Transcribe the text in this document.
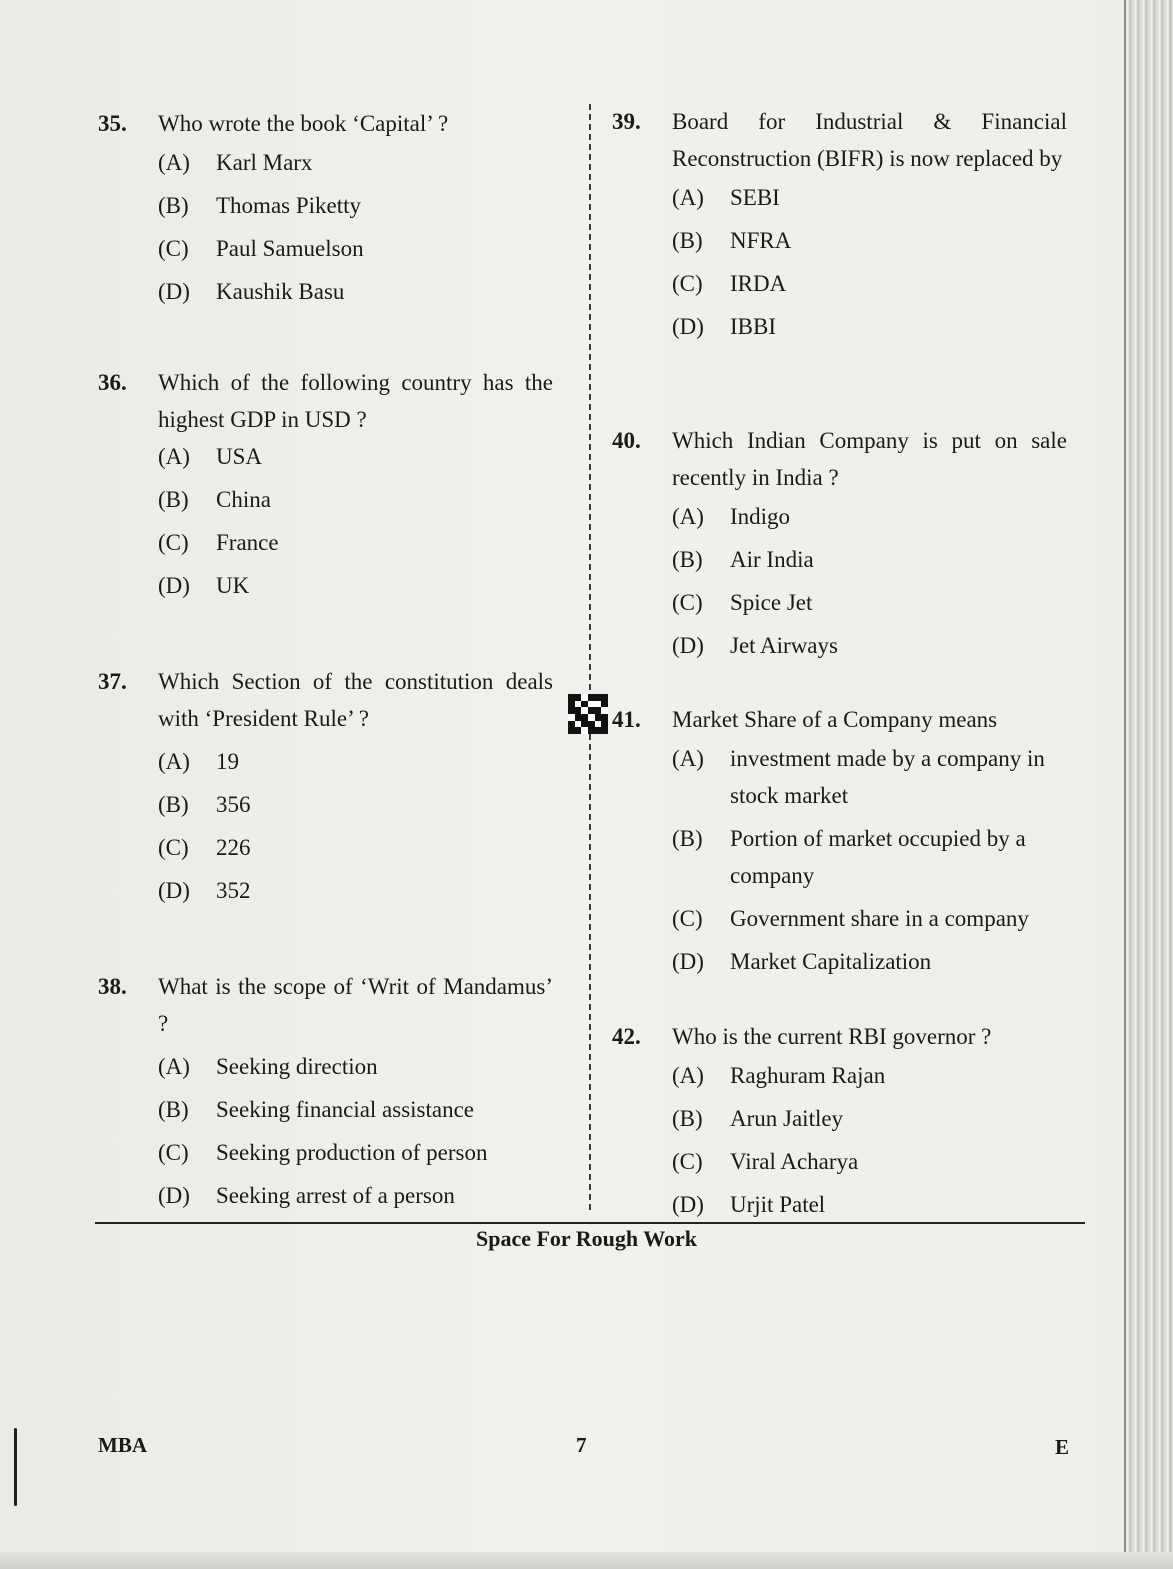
35. Who wrote the book ‘Capital’ ?
(A) Karl Marx
(B) Thomas Piketty
(C) Paul Samuelson
(D) Kaushik Basu
36. Which of the following country has the highest GDP in USD ?
(A) USA
(B) China
(C) France
(D) UK
37. Which Section of the constitution deals with ‘President Rule’ ?
(A) 19
(B) 356
(C) 226
(D) 352
38. What is the scope of ‘Writ of Mandamus’ ?
(A) Seeking direction
(B) Seeking financial assistance
(C) Seeking production of person
(D) Seeking arrest of a person
39. Board for Industrial & Financial Reconstruction (BIFR) is now replaced by
(A) SEBI
(B) NFRA
(C) IRDA
(D) IBBI
40. Which Indian Company is put on sale recently in India ?
(A) Indigo
(B) Air India
(C) Spice Jet
(D) Jet Airways
41. Market Share of a Company means
(A) investment made by a company in stock market
(B) Portion of market occupied by a company
(C) Government share in a company
(D) Market Capitalization
42. Who is the current RBI governor ?
(A) Raghuram Rajan
(B) Arun Jaitley
(C) Viral Acharya
(D) Urjit Patel
Space For Rough Work
MBA	7	E
